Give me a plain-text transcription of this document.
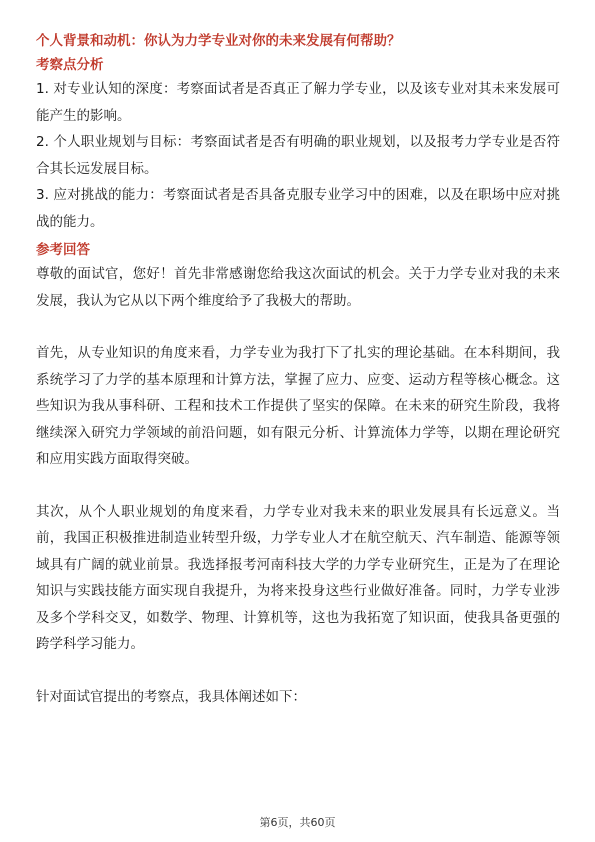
个人背景和动机：你认为力学专业对你的未来发展有何帮助？

考察点分析

1. 对专业认知的深度：考察面试者是否真正了解力学专业，以及该专业对其未来发展可能产生的影响。

2. 个人职业规划与目标：考察面试者是否有明确的职业规划，以及报考力学专业是否符合其长远发展目标。

3. 应对挑战的能力：考察面试者是否具备克服专业学习中的困难，以及在职场中应对挑战的能力。

参考回答

尊敬的面试官，您好！首先非常感谢您给我这次面试的机会。关于力学专业对我的未来发展，我认为它从以下两个维度给予了我极大的帮助。

首先，从专业知识的角度来看，力学专业为我打下了扎实的理论基础。在本科期间，我系统学习了力学的基本原理和计算方法，掌握了应力、应变、运动方程等核心概念。这些知识为我从事科研、工程和技术工作提供了坚实的保障。在未来的研究生阶段，我将继续深入研究力学领域的前沿问题，如有限元分析、计算流体力学等，以期在理论研究和应用实践方面取得突破。

其次，从个人职业规划的角度来看，力学专业对我未来的职业发展具有长远意义。当前，我国正积极推进制造业转型升级，力学专业人才在航空航天、汽车制造、能源等领域具有广阔的就业前景。我选择报考河南科技大学的力学专业研究生，正是为了在理论知识与实践技能方面实现自我提升，为将来投身这些行业做好准备。同时，力学专业涉及多个学科交叉，如数学、物理、计算机等，这也为我拓宽了知识面，使我具备更强的跨学科学习能力。

针对面试官提出的考察点，我具体阐述如下：

第6页，共60页
